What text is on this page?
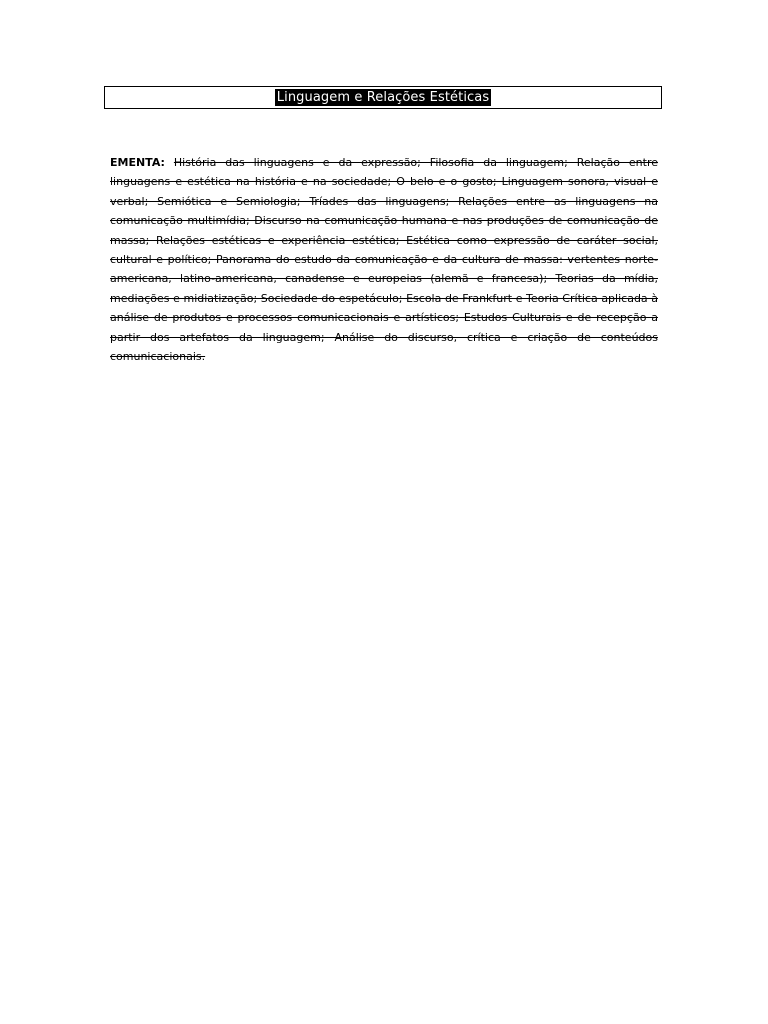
Linguagem e Relações Estéticas
EMENTA: História das linguagens e da expressão; Filosofia da linguagem; Relação entre linguagens e estética na história e na sociedade; O belo e o gosto; Linguagem sonora, visual e verbal; Semiótica e Semiologia; Tríades das linguagens; Relações entre as linguagens na comunicação multimídia; Discurso na comunicação humana e nas produções de comunicação de massa; Relações estéticas e experiência estética; Estética como expressão de caráter social, cultural e político; Panorama do estudo da comunicação e da cultura de massa: vertentes norte-americana, latino-americana, canadense e europeias (alemã e francesa); Teorias da mídia, mediações e midiatização; Sociedade do espetáculo; Escola de Frankfurt e Teoria Crítica aplicada à análise de produtos e processos comunicacionais e artísticos; Estudos Culturais e de recepção a partir dos artefatos da linguagem; Análise do discurso, crítica e criação de conteúdos comunicacionais.
